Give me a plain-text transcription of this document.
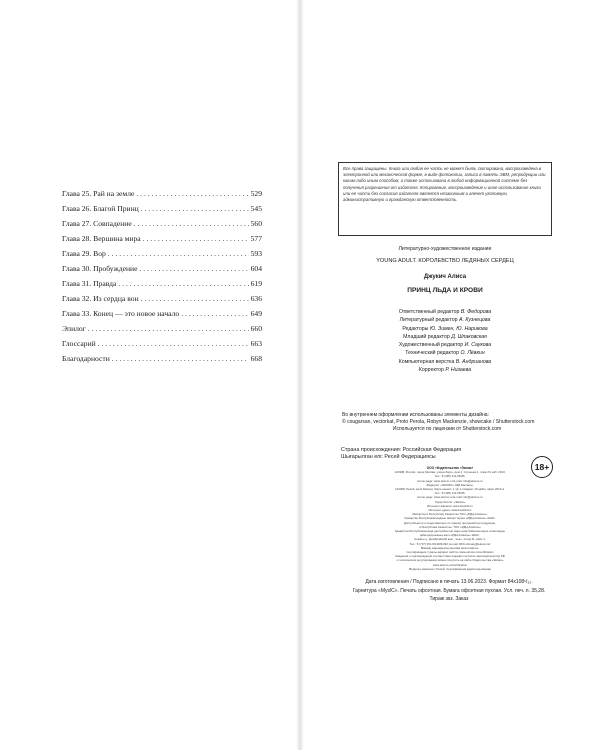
Глава 25. Рай на земле . . .	529
Глава 26. Благой Принц . . .	545
Глава 27. Совпадение . . .	560
Глава 28. Вершина мира . . .	577
Глава 29. Вор . . .	593
Глава 30. Пробуждение . . .	604
Глава 31. Правда . . .	619
Глава 32. Из сердца вон . . .	636
Глава 33. Конец — это новое начало . . .	649
Эпилог . . .	660
Глоссарий . . .	663
Благодарности . . .	668
Все права защищены. Книга или любая ее часть не может быть скопирована, воспроизведена в электронной или механической форме, в виде фотокопии, записи в память ЭВМ, репродукции или каким-либо иным способом, а также использована в любой информационной системе без получения разрешения от издателя. Копирование, воспроизведение и иное использование книги или ее части без согласия издателя является незаконным и влечет уголовную, административную и гражданскую ответственность.
Литературно-художественное издание
YOUNG ADULT. КОРОЛЕВСТВО ЛЕДЯНЫХ СЕРДЕЦ
Джукич Алиса
ПРИНЦ ЛЬДА И КРОВИ
Ответственный редактор В. Федорова
Литературный редактор А. Кузнецова
Редакторы Ю. Зимен, Ю. Нарикова
Младший редактор Д. Шпаковская
Художественный редактор И. Саукова
Технический редактор О. Лёвкин
Компьютерная верстка В. Андрианова
Корректор Р. Низаева
Во внутреннем оформлении использованы элементы дизайна:
© cougarsan, vectorkat, Proto Perola, Robyn Mackenzie, showcake / Shutterstock.com
Используется по лицензии от Shutterstock.com
Страна происхождения: Российская Федерация
Шығарылған елі: Ресей Федерациясы
ООО «Издательство «Эксмо»
123308, Россия, город Москва, улица Зорге, дом 1, строение 1, этаж 20, каб. 2013.
Тел.: 8 (495) 411-68-86.
Home page: www.eksmo.ru E-mail: info@eksmo.ru
Өндіруші: «ЭКСМО» АҚБ Баспасы,
123308, Ресей, қала Мәскеу, Зорге көшесі, 1 үй, 1 ғимарат, 20 қабат, офис 2013 ж.
Тел.: 8 (495) 411-68-86.
Home page: www.eksmo.ru E-mail: info@eksmo.ru
Тауар белгісі: «Эксмо»
Интернет-магазин: www.book24.ru
Интернет-дүкен: www.book24.kz
Импортёр в Республику Казахстан ТОО «РДЦ-Алматы».
Қазақстан Республикасындағы импорттаушы «РДЦ-Алматы» ЖШС.
Дистрибьютор и представитель по приему претензий на продукцию,
в Республике Казахстан: ТОО «РДЦ-Алматы»
Қазақстан Республикасында дистрибьютор және өнім бойынша арыз-талаптарды
қабылдаушының өкілі «РДЦ-Алматы» ЖШС,
Алматы қ., Домбровский көш., 3«а», литер Б, офис 1.
Тел.: 8 (727) 251-59-90/91/92; E-mail: RDC-Almaty@eksmo.kz
Өнімнің жарамдылық мерзімі шектелмеген.
Сертификация туралы ақпарат сайтта: www.eksmo.ru/certification
Сведения о подтверждении соответствия издания согласно законодательству РФ
о техническом регулировании можно получить на сайте Издательства «Эксмо»
www.eksmo.ru/certification
Өндірген мемлекет: Ресей. Сертификация қарастырылмаған
18+
Дата изготовления / Подписано в печать 13.06.2023. Формат 84х108¹/₃₂.
Гарнитура «MyslC». Печать офсетная. Бумага офсетная пухлая. Усл. печ. л. 35,28.
Тираж экз. Заказ
